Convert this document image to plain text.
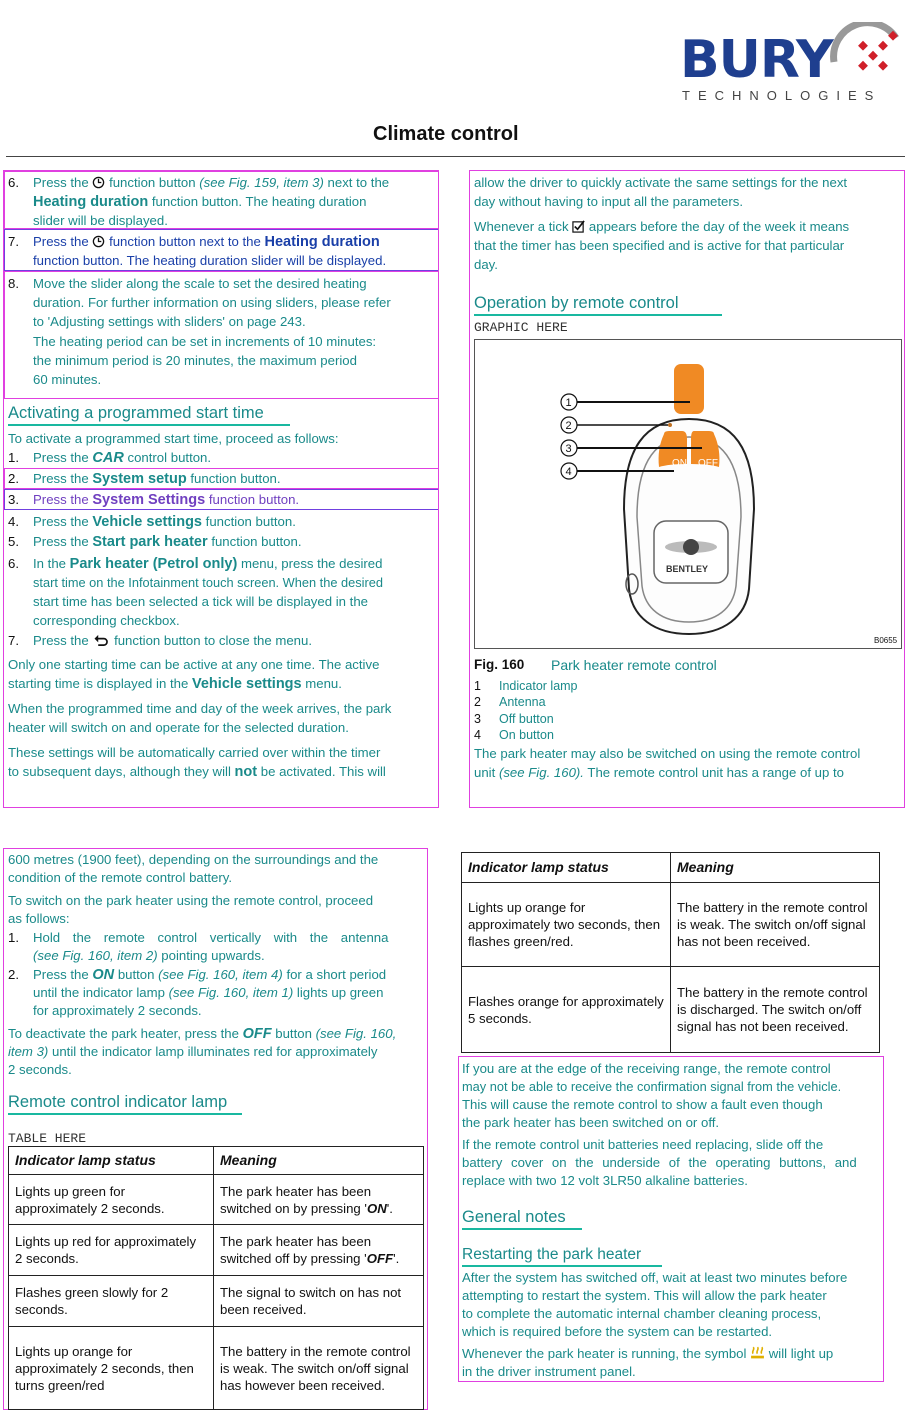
BURY
TECHNOLOGIES
Climate control
6. Press the function button (see Fig. 159, item 3) next to the
Heating duration function button. The heating duration
slider will be displayed.
7. Press the function button next to the Heating duration
function button. The heating duration slider will be displayed.
8. Move the slider along the scale to set the desired heating
duration. For further information on using sliders, please refer
to 'Adjusting settings with sliders' on page 243.
The heating period can be set in increments of 10 minutes:
the minimum period is 20 minutes, the maximum period
60 minutes.
Activating a programmed start time
To activate a programmed start time, proceed as follows:
1. Press the CAR control button.
2. Press the System setup function button.
3. Press the System Settings function button.
4. Press the Vehicle settings function button.
5. Press the Start park heater function button.
6. In the Park heater (Petrol only) menu, press the desired
start time on the Infotainment touch screen. When the desired
start time has been selected a tick will be displayed in the
corresponding checkbox.
7. Press the function button to close the menu.
Only one starting time can be active at any one time. The active
starting time is displayed in the Vehicle settings menu.
When the programmed time and day of the week arrives, the park
heater will switch on and operate for the selected duration.
These settings will be automatically carried over within the timer
to subsequent days, although they will not be activated. This will
allow the driver to quickly activate the same settings for the next
day without having to input all the parameters.
Whenever a tick appears before the day of the week it means
that the timer has been specified and is active for that particular
day.
Operation by remote control
GRAPHIC HERE
ON OFF
BENTLEY
1
2
3
4
B0655
Fig. 160 Park heater remote control
1 Indicator lamp
2 Antenna
3 Off button
4 On button
The park heater may also be switched on using the remote control
unit (see Fig. 160). The remote control unit has a range of up to
600 metres (1900 feet), depending on the surroundings and the
condition of the remote control battery.
To switch on the park heater using the remote control, proceed
as follows:
1. Hold the remote control vertically with the antenna
(see Fig. 160, item 2) pointing upwards.
2. Press the ON button (see Fig. 160, item 4) for a short period
until the indicator lamp (see Fig. 160, item 1) lights up green
for approximately 2 seconds.
To deactivate the park heater, press the OFF button (see Fig. 160,
item 3) until the indicator lamp illuminates red for approximately
2 seconds.
Remote control indicator lamp
TABLE HERE
Indicator lamp status	Meaning
Lights up green for approximately 2 seconds.	The park heater has been switched on by pressing 'ON'.
Lights up red for approximately 2 seconds.	The park heater has been switched off by pressing 'OFF'.
Flashes green slowly for 2 seconds.	The signal to switch on has not been received.
Lights up orange for approximately 2 seconds, then turns green/red	The battery in the remote control is weak. The switch on/off signal has however been received.
Indicator lamp status	Meaning
Lights up orange for approximately two seconds, then flashes green/red.	The battery in the remote control is weak. The switch on/off signal has not been received.
Flashes orange for approximately 5 seconds.	The battery in the remote control is discharged. The switch on/off signal has not been received.
If you are at the edge of the receiving range, the remote control
may not be able to receive the confirmation signal from the vehicle.
This will cause the remote control to show a fault even though
the park heater has been switched on or off.
If the remote control unit batteries need replacing, slide off the
battery cover on the underside of the operating buttons, and
replace with two 12 volt 3LR50 alkaline batteries.
General notes
Restarting the park heater
After the system has switched off, wait at least two minutes before
attempting to restart the system. This will allow the park heater
to complete the automatic internal chamber cleaning process,
which is required before the system can be restarted.
Whenever the park heater is running, the symbol will light up
in the driver instrument panel.
